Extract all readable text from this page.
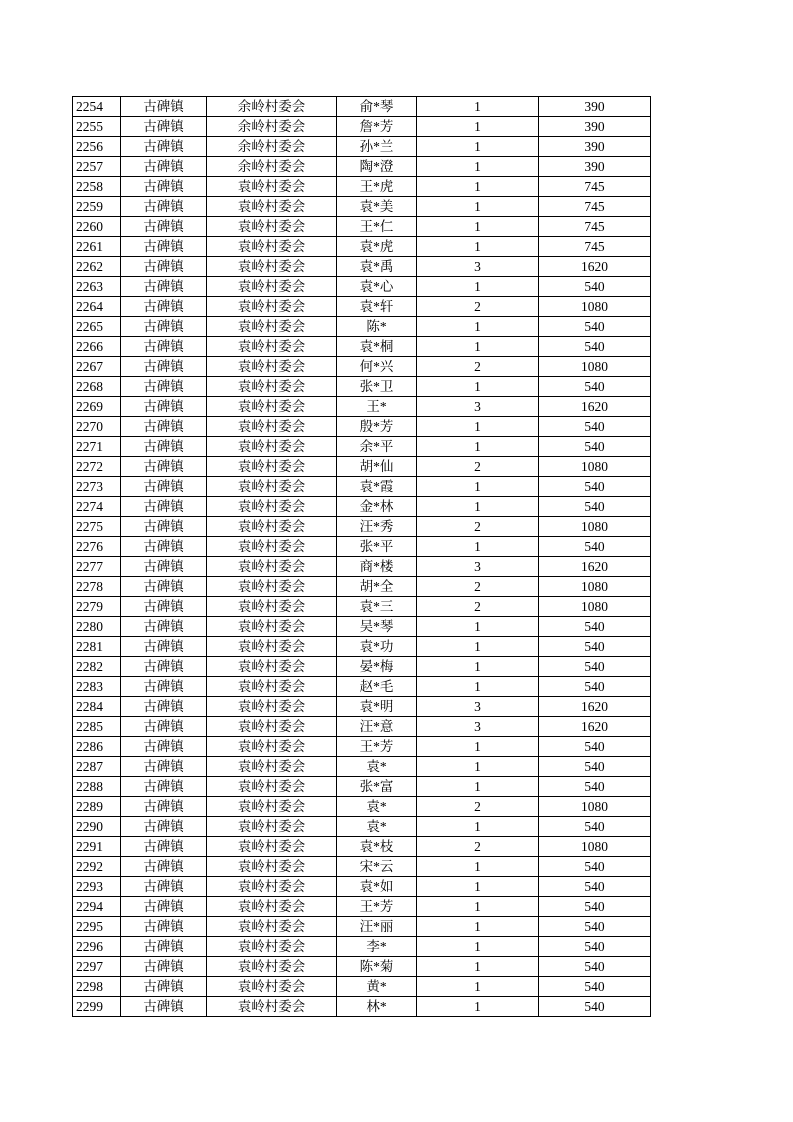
2254	古碑镇	余岭村委会	俞*琴	1	390
2255	古碑镇	余岭村委会	詹*芳	1	390
2256	古碑镇	余岭村委会	孙*兰	1	390
2257	古碑镇	余岭村委会	陶*澄	1	390
2258	古碑镇	袁岭村委会	王*虎	1	745
2259	古碑镇	袁岭村委会	袁*美	1	745
2260	古碑镇	袁岭村委会	王*仁	1	745
2261	古碑镇	袁岭村委会	袁*虎	1	745
2262	古碑镇	袁岭村委会	袁*禹	3	1620
2263	古碑镇	袁岭村委会	袁*心	1	540
2264	古碑镇	袁岭村委会	袁*轩	2	1080
2265	古碑镇	袁岭村委会	陈*	1	540
2266	古碑镇	袁岭村委会	袁*桐	1	540
2267	古碑镇	袁岭村委会	何*兴	2	1080
2268	古碑镇	袁岭村委会	张*卫	1	540
2269	古碑镇	袁岭村委会	王*	3	1620
2270	古碑镇	袁岭村委会	殷*芳	1	540
2271	古碑镇	袁岭村委会	余*平	1	540
2272	古碑镇	袁岭村委会	胡*仙	2	1080
2273	古碑镇	袁岭村委会	袁*霞	1	540
2274	古碑镇	袁岭村委会	金*林	1	540
2275	古碑镇	袁岭村委会	汪*秀	2	1080
2276	古碑镇	袁岭村委会	张*平	1	540
2277	古碑镇	袁岭村委会	商*楼	3	1620
2278	古碑镇	袁岭村委会	胡*全	2	1080
2279	古碑镇	袁岭村委会	袁*三	2	1080
2280	古碑镇	袁岭村委会	吴*琴	1	540
2281	古碑镇	袁岭村委会	袁*功	1	540
2282	古碑镇	袁岭村委会	晏*梅	1	540
2283	古碑镇	袁岭村委会	赵*毛	1	540
2284	古碑镇	袁岭村委会	袁*明	3	1620
2285	古碑镇	袁岭村委会	汪*意	3	1620
2286	古碑镇	袁岭村委会	王*芳	1	540
2287	古碑镇	袁岭村委会	袁*	1	540
2288	古碑镇	袁岭村委会	张*富	1	540
2289	古碑镇	袁岭村委会	袁*	2	1080
2290	古碑镇	袁岭村委会	袁*	1	540
2291	古碑镇	袁岭村委会	袁*枝	2	1080
2292	古碑镇	袁岭村委会	宋*云	1	540
2293	古碑镇	袁岭村委会	袁*如	1	540
2294	古碑镇	袁岭村委会	王*芳	1	540
2295	古碑镇	袁岭村委会	汪*丽	1	540
2296	古碑镇	袁岭村委会	李*	1	540
2297	古碑镇	袁岭村委会	陈*菊	1	540
2298	古碑镇	袁岭村委会	黄*	1	540
2299	古碑镇	袁岭村委会	林*	1	540
